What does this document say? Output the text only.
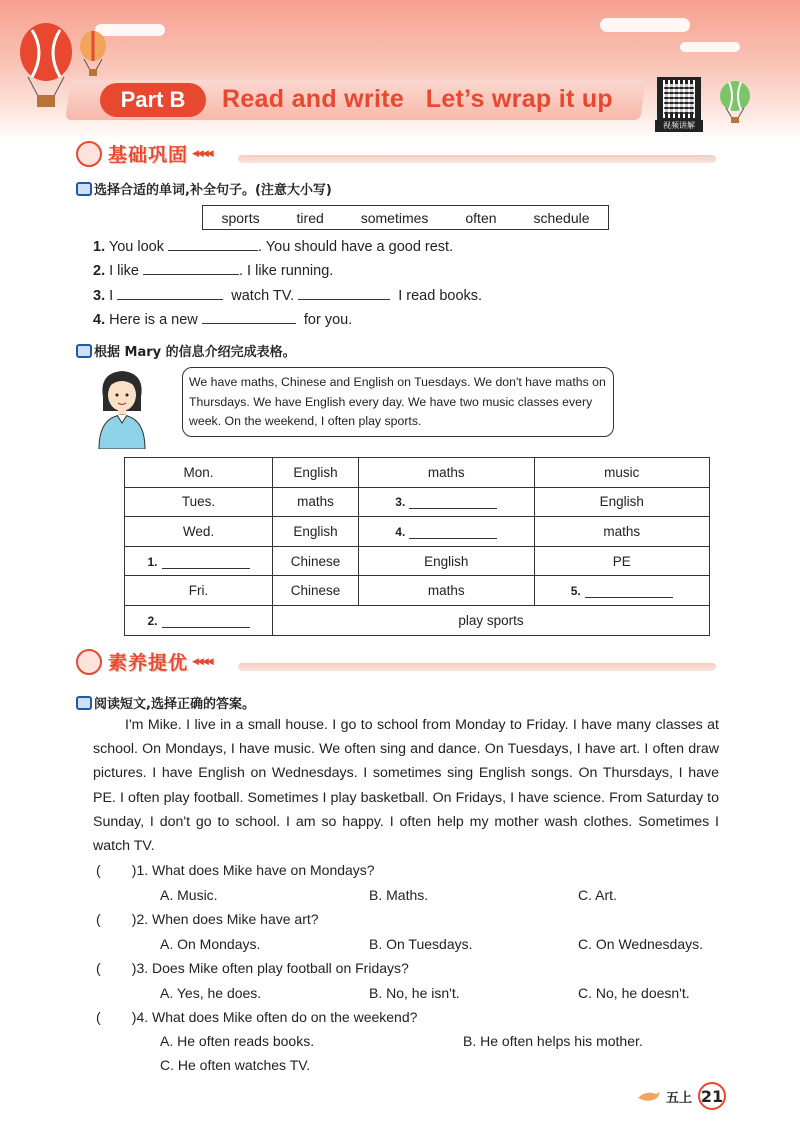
Part B	Read and write   Let’s wrap it up
视频讲解
基础巩固 ◀◀◀◀
选择合适的单词,补全句子。(注意大小写)
sports	tired	sometimes	often	schedule
1. You look	. You should have a good rest.
2. I like	. I like running.
3. I	watch TV.	I read books.
4. Here is a new	for you.
根据 Mary 的信息介绍完成表格。
We have maths, Chinese and English on Tuesdays. We don't have maths on Thursdays. We have English every day. We have two music classes every week. On the weekend, I often play sports.
Mon.	English	maths	music
Tues.	maths	3.	English
Wed.	English	4.	maths

1.	Chinese	English	PE
Fri.	Chinese	maths	5.

2.	play sports		
素养提优 ◀◀◀◀
阅读短文,选择正确的答案。

I'm Mike. I live in a small house. I go to school from Monday to Friday. I have many classes at school. On Mondays, I have music. We often sing and dance. On Tuesdays, I have art. I often draw pictures. I have English on Wednesdays. I sometimes sing English songs. On Thursdays, I have PE. I often play football. Sometimes I play basketball. On Fridays, I have science. From Saturday to Sunday, I don't go to school. I am so happy. I often help my mother wash clothes. Sometimes I watch TV.

(        )1. What does Mike have on Mondays?
A. Music.	B. Maths.	C. Art.
(        )2. When does Mike have art?
A. On Mondays.	B. On Tuesdays.	C. On Wednesdays.
(        )3. Does Mike often play football on Fridays?
A. Yes, he does.	B. No, he isn't.	C. No, he doesn't.
(        )4. What does Mike often do on the weekend?
A. He often reads books.	B. He often helps his mother.
C. He often watches TV.
五上 21
